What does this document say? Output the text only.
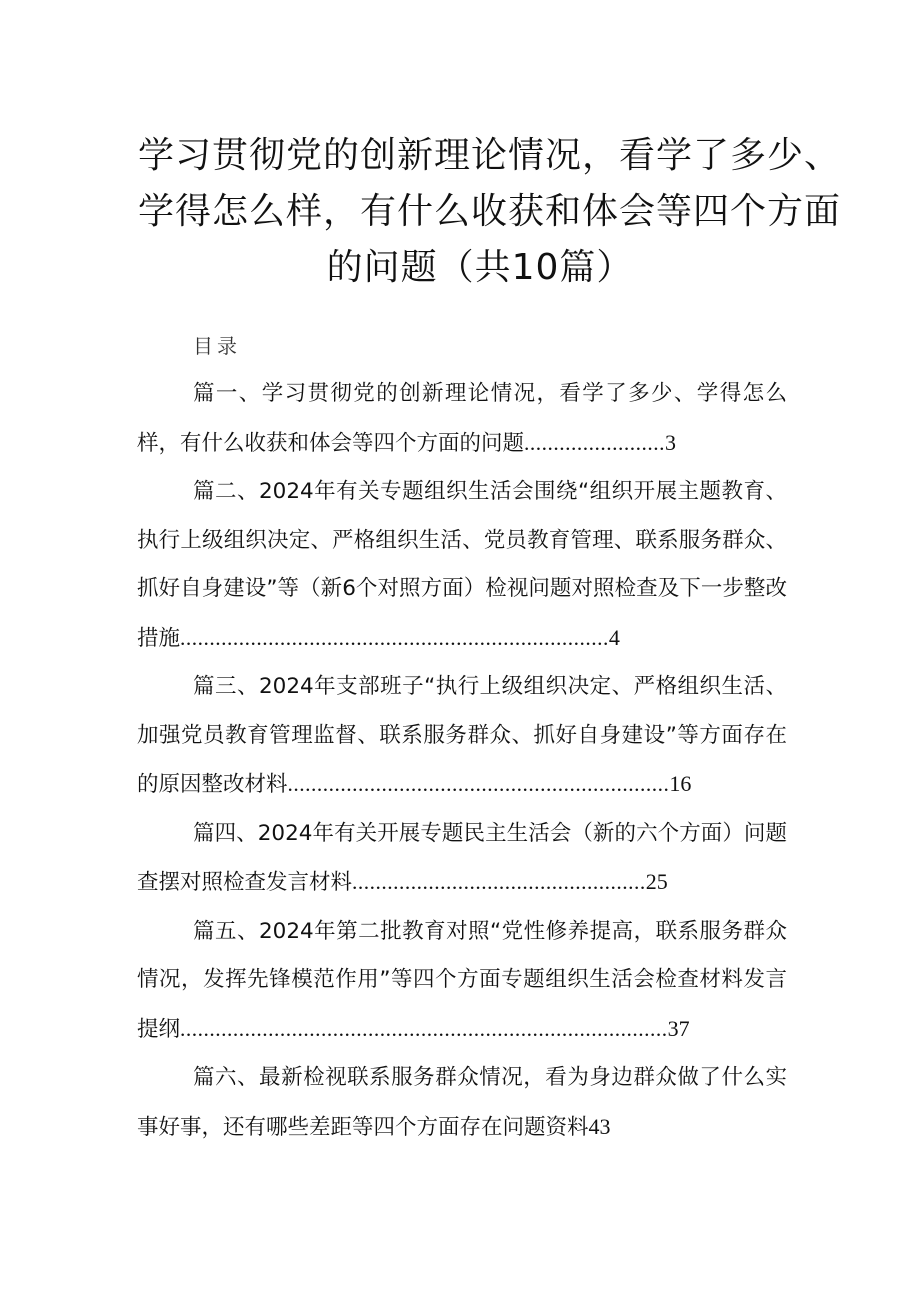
学习贯彻党的创新理论情况，看学了多少、
学得怎么样，有什么收获和体会等四个方面
的问题（共10篇）
目录

篇一、学习贯彻党的创新理论情况，看学了多少、学得怎么样，有什么收获和体会等四个方面的问题........................3

篇二、2024年有关专题组织生活会围绕“组织开展主题教育、执行上级组织决定、严格组织生活、党员教育管理、联系服务群众、抓好自身建设”等（新6个对照方面）检视问题对照检查及下一步整改措施.........................................................................4

篇三、2024年支部班子“执行上级组织决定、严格组织生活、加强党员教育管理监督、联系服务群众、抓好自身建设”等方面存在的原因整改材料.................................................................16

篇四、2024年有关开展专题民主生活会（新的六个方面）问题查摆对照检查发言材料..................................................25

篇五、2024年第二批教育对照“党性修养提高，联系服务群众情况，发挥先锋模范作用”等四个方面专题组织生活会检查材料发言提纲...................................................................................37

篇六、最新检视联系服务群众情况，看为身边群众做了什么实事好事，还有哪些差距等四个方面存在问题资料43
